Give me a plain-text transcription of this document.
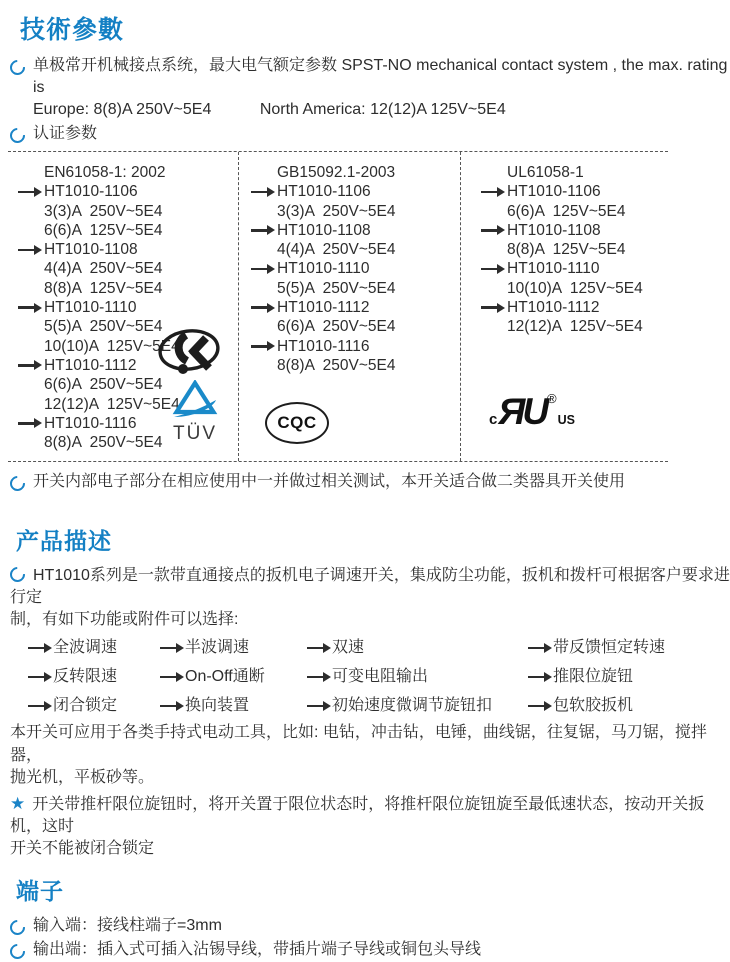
技術參數
单极常开机械接点系统，最大电气额定参数 SPST-NO mechanical contact system , the max. rating is
Europe: 8(8)A 250V~5E4	North America: 12(12)A 125V~5E4
认证参数
EN61058-1: 2002
HT1010-1106
3(3)A  250V~5E4
6(6)A  125V~5E4
HT1010-1108
4(4)A  250V~5E4
8(8)A  125V~5E4
HT1010-1110
5(5)A  250V~5E4
10(10)A  125V~5E4
HT1010-1112
6(6)A  250V~5E4
12(12)A  125V~5E4
HT1010-1116
8(8)A  250V~5E4 TÜV
GB15092.1-2003
HT1010-1106
3(3)A  250V~5E4
HT1010-1108
4(4)A  250V~5E4
HT1010-1110
5(5)A  250V~5E4
HT1010-1112
6(6)A  250V~5E4
HT1010-1116
8(8)A  250V~5E4
CQC
UL61058-1
HT1010-1106
6(6)A  125V~5E4
HT1010-1108
8(8)A  125V~5E4
HT1010-1110
10(10)A  125V~5E4
HT1010-1112
12(12)A  125V~5E4
c ЯU ®
US
开关内部电子部分在相应使用中一并做过相关测试，本开关适合做二类器具开关使用
产品描述

HT1010系列是一款带直通接点的扳机电子调速开关，集成防尘功能，扳机和拨杆可根据客户要求进行定
制，有如下功能或附件可以选择:

全波调速	半波调速	双速	带反馈恒定转速
反转限速	On-Off通断	可变电阻输出	推限位旋钮
闭合锁定	换向装置	初始速度微调节旋钮扣	包软胶扳机

本开关可应用于各类手持式电动工具，比如: 电钻，冲击钻，电锤，曲线锯，往复锯，马刀锯，搅拌器，
抛光机，平板砂等。

★ 开关带推杆限位旋钮时，将开关置于限位状态时，将推杆限位旋钮旋至最低速状态，按动开关扳机，这时
开关不能被闭合锁定

端子
输入端：接线柱端子=3mm
输出端：插入式可插入沾锡导线，带插片端子导线或铜包头导线
